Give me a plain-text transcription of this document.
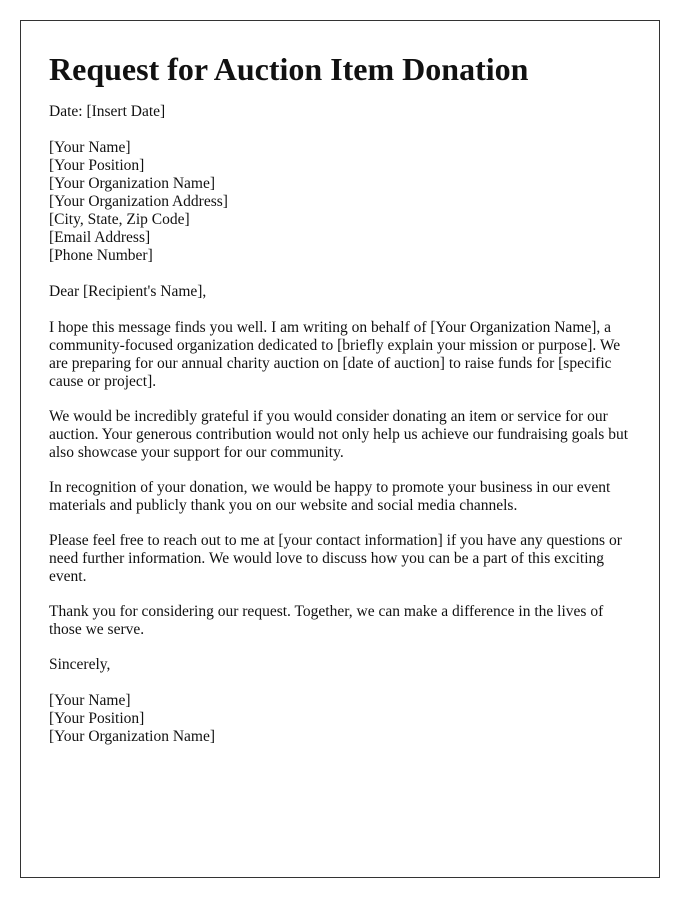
Request for Auction Item Donation
Date: [Insert Date]
[Your Name]
[Your Position]
[Your Organization Name]
[Your Organization Address]
[City, State, Zip Code]
[Email Address]
[Phone Number]
Dear [Recipient's Name],

I hope this message finds you well. I am writing on behalf of [Your Organization Name], a community-focused organization dedicated to [briefly explain your mission or purpose]. We are preparing for our annual charity auction on [date of auction] to raise funds for [specific cause or project].

We would be incredibly grateful if you would consider donating an item or service for our auction. Your generous contribution would not only help us achieve our fundraising goals but also showcase your support for our community.

In recognition of your donation, we would be happy to promote your business in our event materials and publicly thank you on our website and social media channels.

Please feel free to reach out to me at [your contact information] if you have any questions or need further information. We would love to discuss how you can be a part of this exciting event.

Thank you for considering our request. Together, we can make a difference in the lives of those we serve.

Sincerely,
[Your Name]
[Your Position]
[Your Organization Name]
